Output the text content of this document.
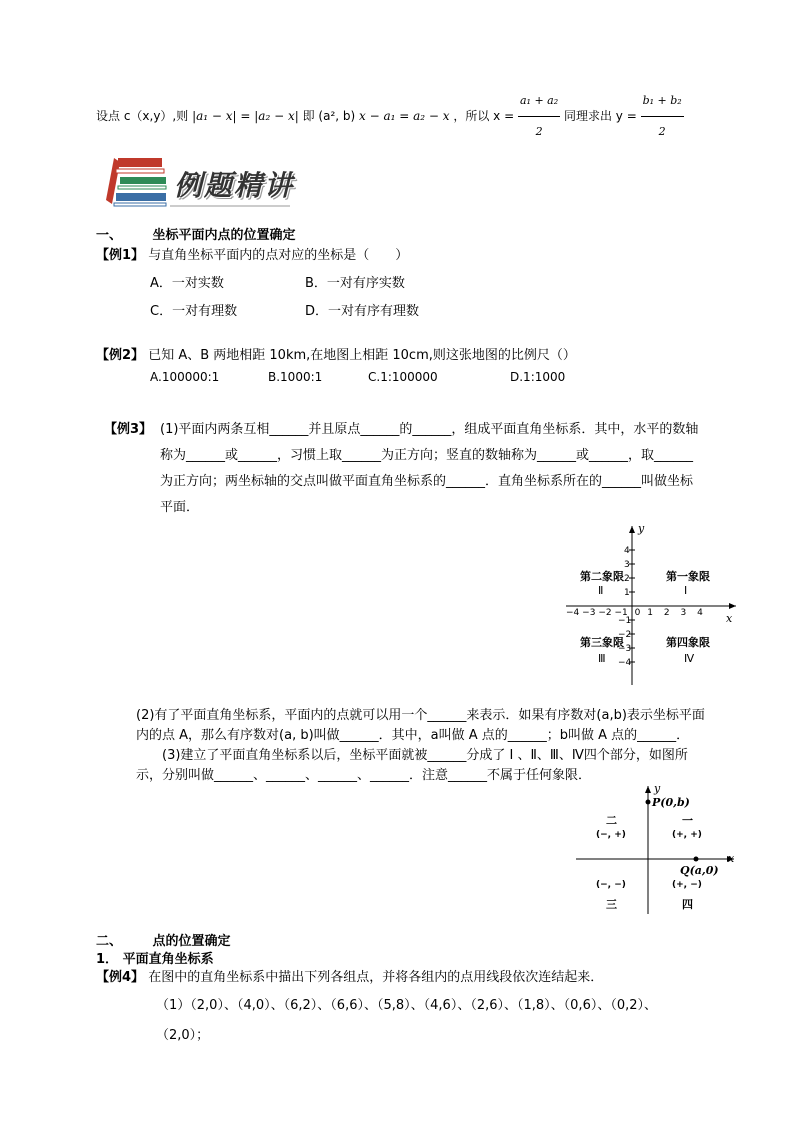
设点 c（x,y）,则 |a₁ − x| = |a₂ − x| 即 (a², b) x − a₁ = a₂ − x ，所以 $x = \frac{\text{a₁ + a₂}}{2}$ 同理求出 $y = \frac{\text{b₁ + b₂}}{2}$
例题精讲
一、 坐标平面内点的位置确定
【例1】 与直角坐标平面内的点对应的坐标是（　　）
A．一对实数	B．一对有序实数
C．一对有理数	D．一对有序有理数
【例2】 已知 A、B 两地相距 10km,在地图上相距 10cm,则这张地图的比例尺（）
A.100000:1	B.1000:1	C.1:100000	D.1:1000
【例3】 (1)平面内两条互相______并且原点______的______，组成平面直角坐标系．其中，水平的数轴
称为______或______，习惯上取______为正方向；竖直的数轴称为______或______，取______
为正方向；两坐标轴的交点叫做平面直角坐标系的______．直角坐标系所在的______叫做坐标
平面．
x
y
−4 −3 −2 −1 0 1 2 3 4
4
3
2
1
−1
−2
−3
−4
第二象限
Ⅱ
第一象限
Ⅰ
第三象限
Ⅲ
第四象限
Ⅳ
(2)有了平面直角坐标系，平面内的点就可以用一个______来表示．如果有序数对(a,b)表示坐标平面
内的点 A，那么有序数对(a, b)叫做______．其中，a叫做 A 点的______；b叫做 A 点的______．
(3)建立了平面直角坐标系以后，坐标平面就被______分成了 Ⅰ 、Ⅱ、Ⅲ、Ⅳ四个部分，如图所
示，分别叫做______、______、______、______．注意______不属于任何象限．
x
y
P(0,b)
Q(a,0)
一
(+, +)
二
(−, +)
(−, −)
三
(+, −)
四
二、 点的位置确定
1． 平面直角坐标系
【例4】 在图中的直角坐标系中描出下列各组点，并将各组内的点用线段依次连结起来．
（1）（2,0）、（4,0）、（6,2）、（6,6）、（5,8）、（4,6）、（2,6）、（1,8）、（0,6）、（0,2）、
（2,0）；
